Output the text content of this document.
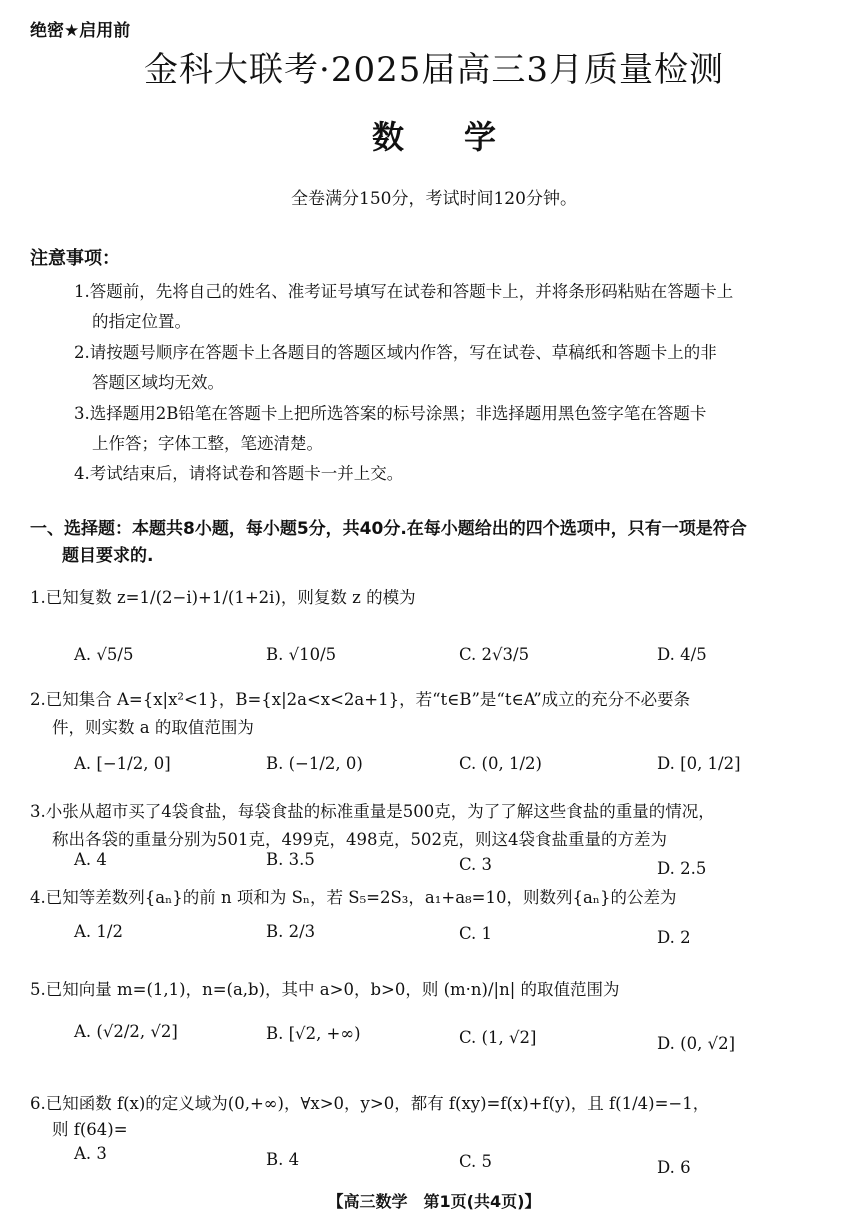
绝密★启用前
金科大联考·2025届高三3月质量检测
数学
全卷满分150分，考试时间120分钟。
注意事项：
1.答题前，先将自己的姓名、准考证号填写在试卷和答题卡上，并将条形码粘贴在答题卡上
的指定位置。
2.请按题号顺序在答题卡上各题目的答题区域内作答，写在试卷、草稿纸和答题卡上的非
答题区域均无效。
3.选择题用2B铅笔在答题卡上把所选答案的标号涂黑；非选择题用黑色签字笔在答题卡
上作答；字体工整，笔迹清楚。
4.考试结束后，请将试卷和答题卡一并上交。
一、选择题：本题共8小题，每小题5分，共40分.在每小题给出的四个选项中，只有一项是符合
题目要求的.
1.已知复数 z=1/(2−i)+1/(1+2i)，则复数 z 的模为
A. √5/5	B. √10/5	C. 2√3/5	D. 4/5
2.已知集合 A={x|x²<1}，B={x|2a<x<2a+1}，若“t∈B”是“t∈A”成立的充分不必要条
件，则实数 a 的取值范围为
A. [−1/2, 0]	B. (−1/2, 0)	C. (0, 1/2)	D. [0, 1/2]
3.小张从超市买了4袋食盐，每袋食盐的标准重量是500克，为了了解这些食盐的重量的情况，
称出各袋的重量分别为501克，499克，498克，502克，则这4袋食盐重量的方差为
A. 4	B. 3.5	C. 3	D. 2.5
4.已知等差数列{aₙ}的前 n 项和为 Sₙ，若 S₅=2S₃，a₁+a₈=10，则数列{aₙ}的公差为
A. 1/2	B. 2/3	C. 1	D. 2
5.已知向量 m=(1,1)，n=(a,b)，其中 a>0，b>0，则 (m·n)/|n| 的取值范围为
A. (√2/2, √2]	B. [√2, +∞)	C. (1, √2]	D. (0, √2]
6.已知函数 f(x)的定义域为(0,+∞)，∀x>0，y>0，都有 f(xy)=f(x)+f(y)，且 f(1/4)=−1，
则 f(64)=
A. 3	B. 4	C. 5	D. 6
【高三数学　第1页(共4页)】
